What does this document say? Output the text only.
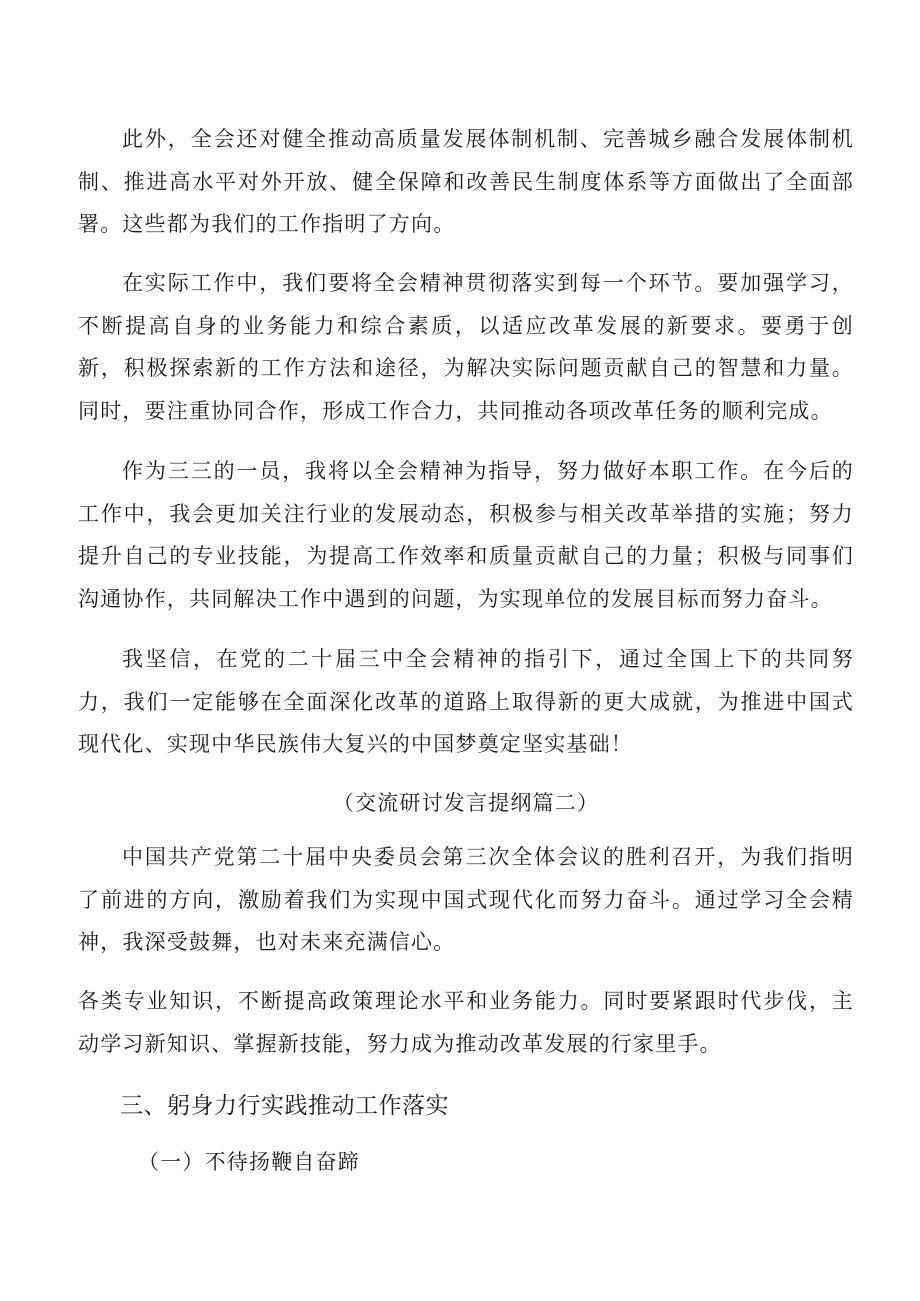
此外，全会还对健全推动高质量发展体制机制、完善城乡融合发展体制机制、推进高水平对外开放、健全保障和改善民生制度体系等方面做出了全面部署。这些都为我们的工作指明了方向。

在实际工作中，我们要将全会精神贯彻落实到每一个环节。要加强学习，不断提高自身的业务能力和综合素质，以适应改革发展的新要求。要勇于创新，积极探索新的工作方法和途径，为解决实际问题贡献自己的智慧和力量。同时，要注重协同合作，形成工作合力，共同推动各项改革任务的顺利完成。

作为三三的一员，我将以全会精神为指导，努力做好本职工作。在今后的工作中，我会更加关注行业的发展动态，积极参与相关改革举措的实施；努力提升自己的专业技能，为提高工作效率和质量贡献自己的力量；积极与同事们沟通协作，共同解决工作中遇到的问题，为实现单位的发展目标而努力奋斗。

我坚信，在党的二十届三中全会精神的指引下，通过全国上下的共同努力，我们一定能够在全面深化改革的道路上取得新的更大成就，为推进中国式现代化、实现中华民族伟大复兴的中国梦奠定坚实基础！

（交流研讨发言提纲篇二）

中国共产党第二十届中央委员会第三次全体会议的胜利召开，为我们指明了前进的方向，激励着我们为实现中国式现代化而努力奋斗。通过学习全会精神，我深受鼓舞，也对未来充满信心。

各类专业知识，不断提高政策理论水平和业务能力。同时要紧跟时代步伐，主动学习新知识、掌握新技能，努力成为推动改革发展的行家里手。

三、躬身力行实践推动工作落实

（一）不待扬鞭自奋蹄
